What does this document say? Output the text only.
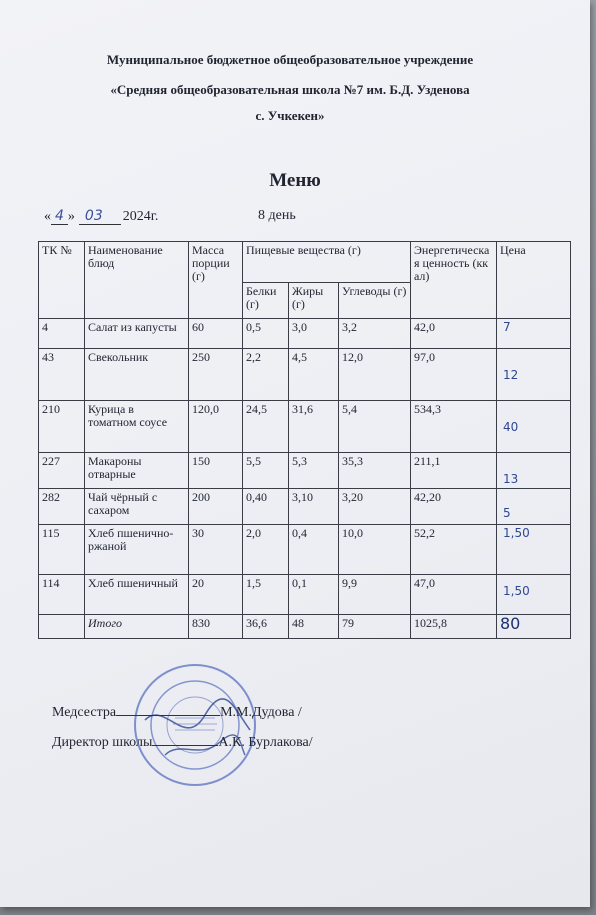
Муниципальное бюджетное общеобразовательное учреждение
«Средняя общеобразовательная школа №7 им. Б.Д. Узденова
с. Учкекен»
Меню
« 4 » 03 2024г.	8 день
ТК №	Наименование блюд	Масса порции (г)	Пищевые вещества (г)			Энергетическая ценность (ккал)	Цена
			Белки (г)	Жиры (г)	Углеводы (г)		
4	Салат из капусты	60	0,5	3,0	3,2	42,0	7

43	Свекольник	250	2,2	4,5	12,0	97,0	12

210	Курица в томатном соусе	120,0	24,5	31,6	5,4	534,3	40

227	Макароны отварные	150	5,5	5,3	35,3	211,1	13

282	Чай чёрный с сахаром	200	0,40	3,10	3,20	42,20	5

115	Хлеб пшенично-ржаной	30	2,0	0,4	10,0	52,2	1,50

114	Хлеб пшеничный	20	1,5	0,1	9,9	47,0	1,50

	Итого	830	36,6	48	79	1025,8	80
Медсестра	М.М.Дудова /
Директор школы	А.К. Бурлакова/
